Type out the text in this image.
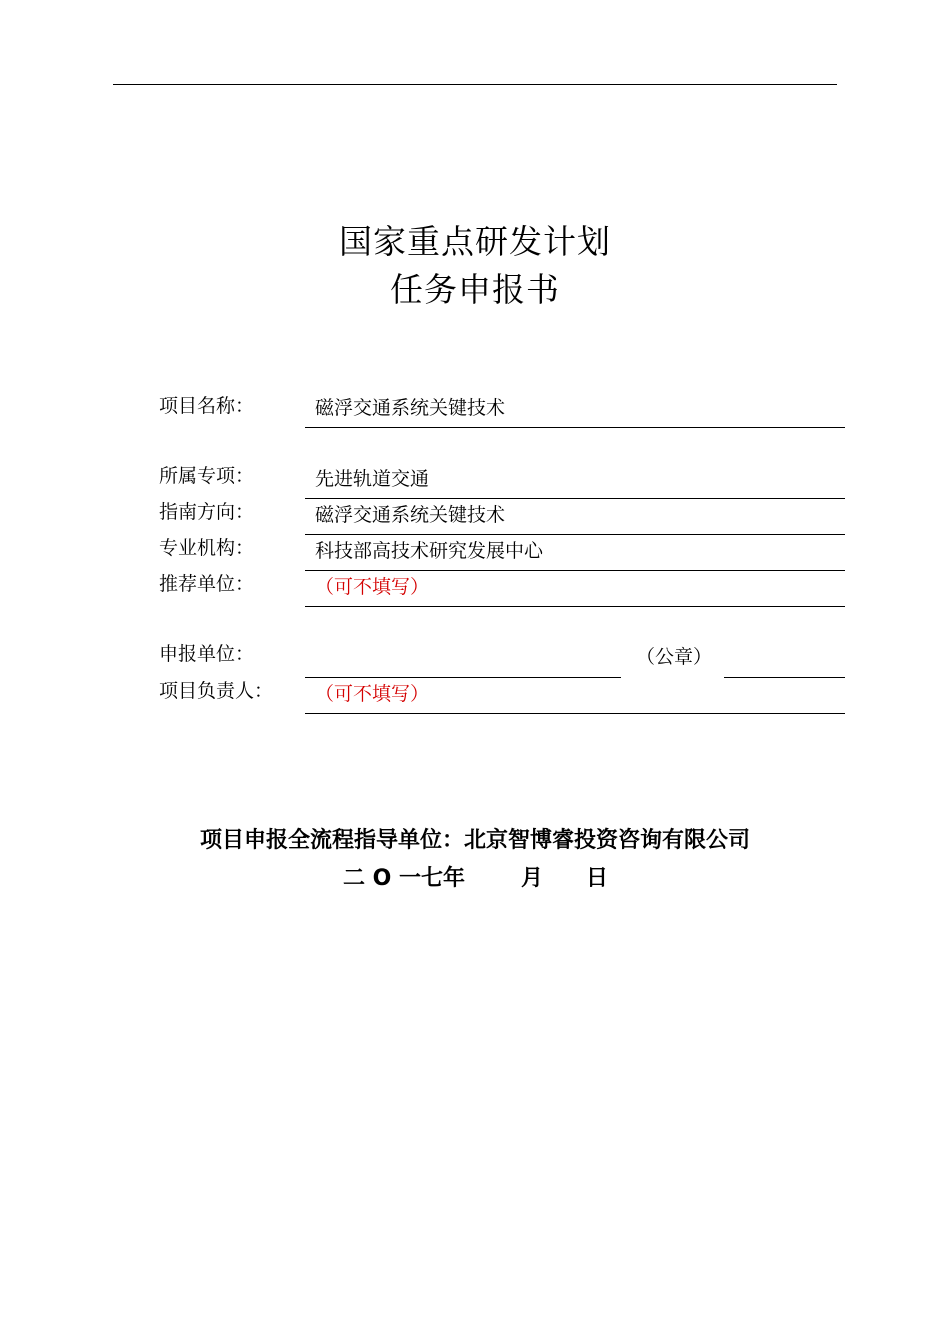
国家重点研发计划
任务申报书
项目名称：	磁浮交通系统关键技术
所属专项：	先进轨道交通
指南方向：	磁浮交通系统关键技术
专业机构：	科技部高技术研究发展中心
推荐单位：	（可不填写）
申报单位：	（公章）
项目负责人： （可不填写）
项目申报全流程指导单位：北京智博睿投资咨询有限公司
二 O 一七年	月 日
